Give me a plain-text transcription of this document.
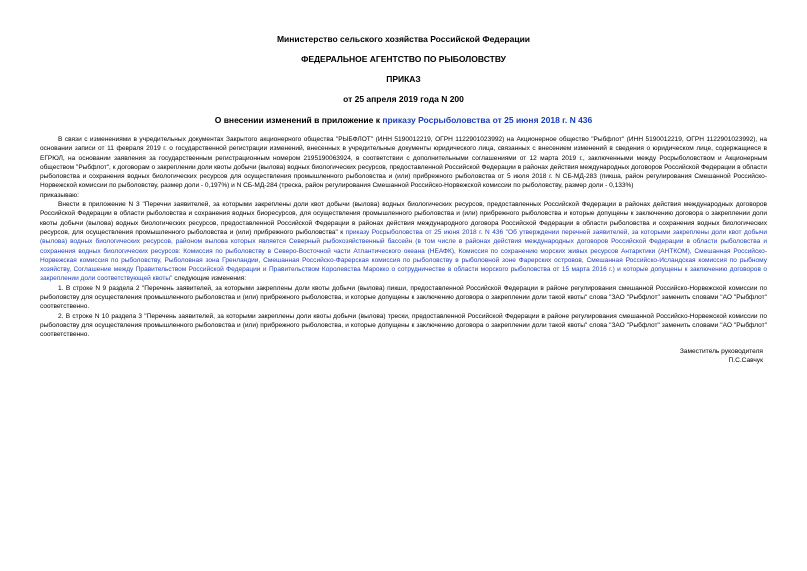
Министерство сельского хозяйства Российской Федерации
ФЕДЕРАЛЬНОЕ АГЕНТСТВО ПО РЫБОЛОВСТВУ
ПРИКАЗ
от 25 апреля 2019 года N 200
О внесении изменений в приложение к приказу Росрыболовства от 25 июня 2018 г. N 436

В связи с изменениями в учредительных документах Закрытого акционерного общества "РЫБФЛОТ" (ИНН 5190012219, ОГРН 1122901023992) на Акционерное общество "Рыбфлот" (ИНН 5190012219, ОГРН 1122901023992), на основании записи от 11 февраля 2019 г. о государственной регистрации изменений, внесенных в учредительные документы юридического лица, связанных с внесением изменений в сведения о юридическом лице, содержащиеся в ЕГРЮЛ, на основании заявления за государственным регистрационным номером 2195190063924, в соответствии с дополнительными соглашениями от 12 марта 2019 г., заключенными между Росрыболовством и Акционерным обществом "Рыбфлот", к договорам о закреплении доли квоты добычи (вылова) водных биологических ресурсов, предоставленной Российской Федерации в районах действия международных договоров Российской Федерации в области рыболовства и сохранения водных биологических ресурсов для осуществления промышленного рыболовства и (или) прибрежного рыболовства от 5 июля 2018 г. N СБ-МД-283 (пикша, район регулирования Смешанной Российско-Норвежской комиссии по рыболовству, размер доли - 0,197%) и N СБ-МД-284 (треска, район регулирования Смешанной Российско-Норвежской комиссии по рыболовству, размер доли - 0,133%)

приказываю:

Внести в приложение N 3 "Перечни заявителей, за которыми закреплены доли квот добычи (вылова) водных биологических ресурсов, предоставленных Российской Федерации в районах действия международных договоров Российской Федерации в области рыболовства и сохранения водных биоресурсов, для осуществления промышленного рыболовства и (или) прибрежного рыболовства и которые допущены к заключению договора о закреплении доли квоты добычи (вылова) водных биологических ресурсов, предоставленной Российской Федерации в районах действия международного договора Российской Федерации в области рыболовства и сохранения водных биологических ресурсов, для осуществления промышленного рыболовства и (или) прибрежного рыболовства" к приказу Росрыболовства от 25 июня 2018 г. N 436 "Об утверждении перечней заявителей, за которыми закреплены доли квот добычи (вылова) водных биологических ресурсов, районом вылова которых является Северный рыбохозяйственный бассейн (в том числе в районах действия международных договоров Российской Федерации в области рыболовства и сохранения водных биологических ресурсов: Комиссия по рыболовству в Северо-Восточной части Атлантического океана (НЕАФК), Комиссия по сохранению морских живых ресурсов Антарктики (АНТКОМ), Смешанная Российско-Норвежская комиссия по рыболовству, Рыболовная зона Гренландии, Смешанная Российско-Фарерская комиссия по рыболовству в рыболовной зоне Фарерских островов, Смешанная Российско-Исландская комиссия по рыбному хозяйству, Соглашение между Правительством Российской Федерации и Правительством Королевства Марокко о сотрудничестве в области морского рыболовства от 15 марта 2016 г.) и которые допущены к заключению договоров о закреплении доли соответствующей квоты" следующие изменения:

1. В строке N 9 раздела 2 "Перечень заявителей, за которыми закреплены доли квоты добычи (вылова) пикши, предоставленной Российской Федерации в районе регулирования смешанной Российско-Норвежской комиссии по рыболовству для осуществления промышленного рыболовства и (или) прибрежного рыболовства, и которые допущены к заключению договора о закреплении доли такой квоты" слова "ЗАО "Рыбфлот" заменить словами "АО "Рыбфлот" соответственно.

2. В строке N 10 раздела 3 "Перечень заявителей, за которыми закреплены доли квоты добычи (вылова) трески, предоставленной Российской Федерации в районе регулирования смешанной Российско-Норвежской комиссии по рыболовству для осуществления промышленного рыболовства и (или) прибрежного рыболовства, и которые допущены к заключению договора о закреплении доли такой квоты" слова "ЗАО "Рыбфлот" заменить словами "АО "Рыбфлот" соответственно.

Заместитель руководителя
П.С.Савчук
